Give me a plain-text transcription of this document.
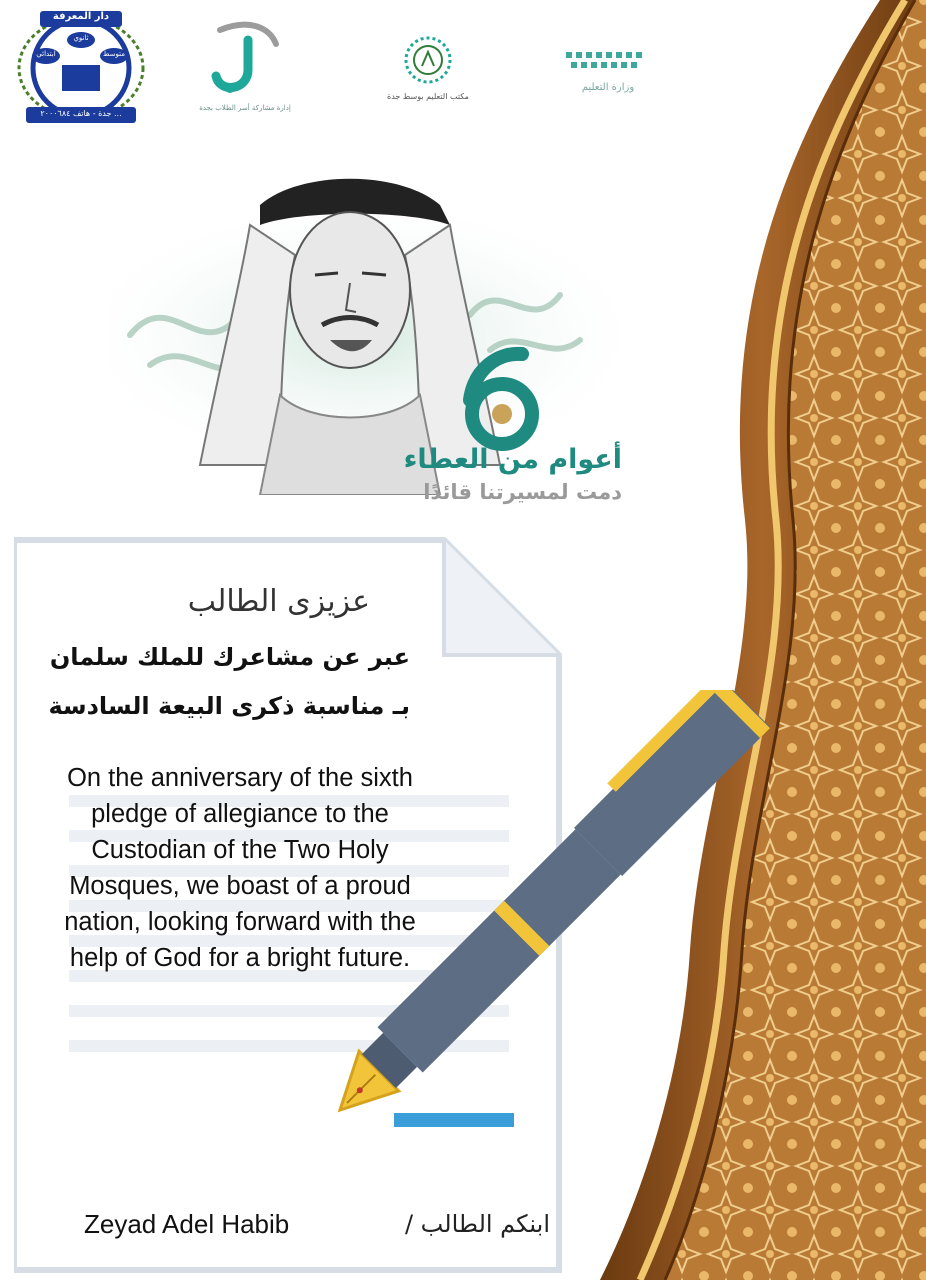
دار المعرفة
ابتدائي
ثانوي
متوسط
جدة - هاتف ٢٠٠٠٦٨٤ ...
إدارة مشاركة أسر الطلاب بجدة
مكتب التعليم بوسط جدة
وزارة التعليم
أعوام من العطاء
دمت لمسيرتنا قائدًا
عزيزى الطالب
عبر عن مشاعرك للملك سلمان
بـ مناسبة ذكرى البيعة السادسة
On the anniversary of the sixth pledge of allegiance to the Custodian of the Two Holy Mosques, we boast of a proud nation, looking forward with the help of God for a bright future.
Zeyad Adel Habib	ابنكم الطالب /
